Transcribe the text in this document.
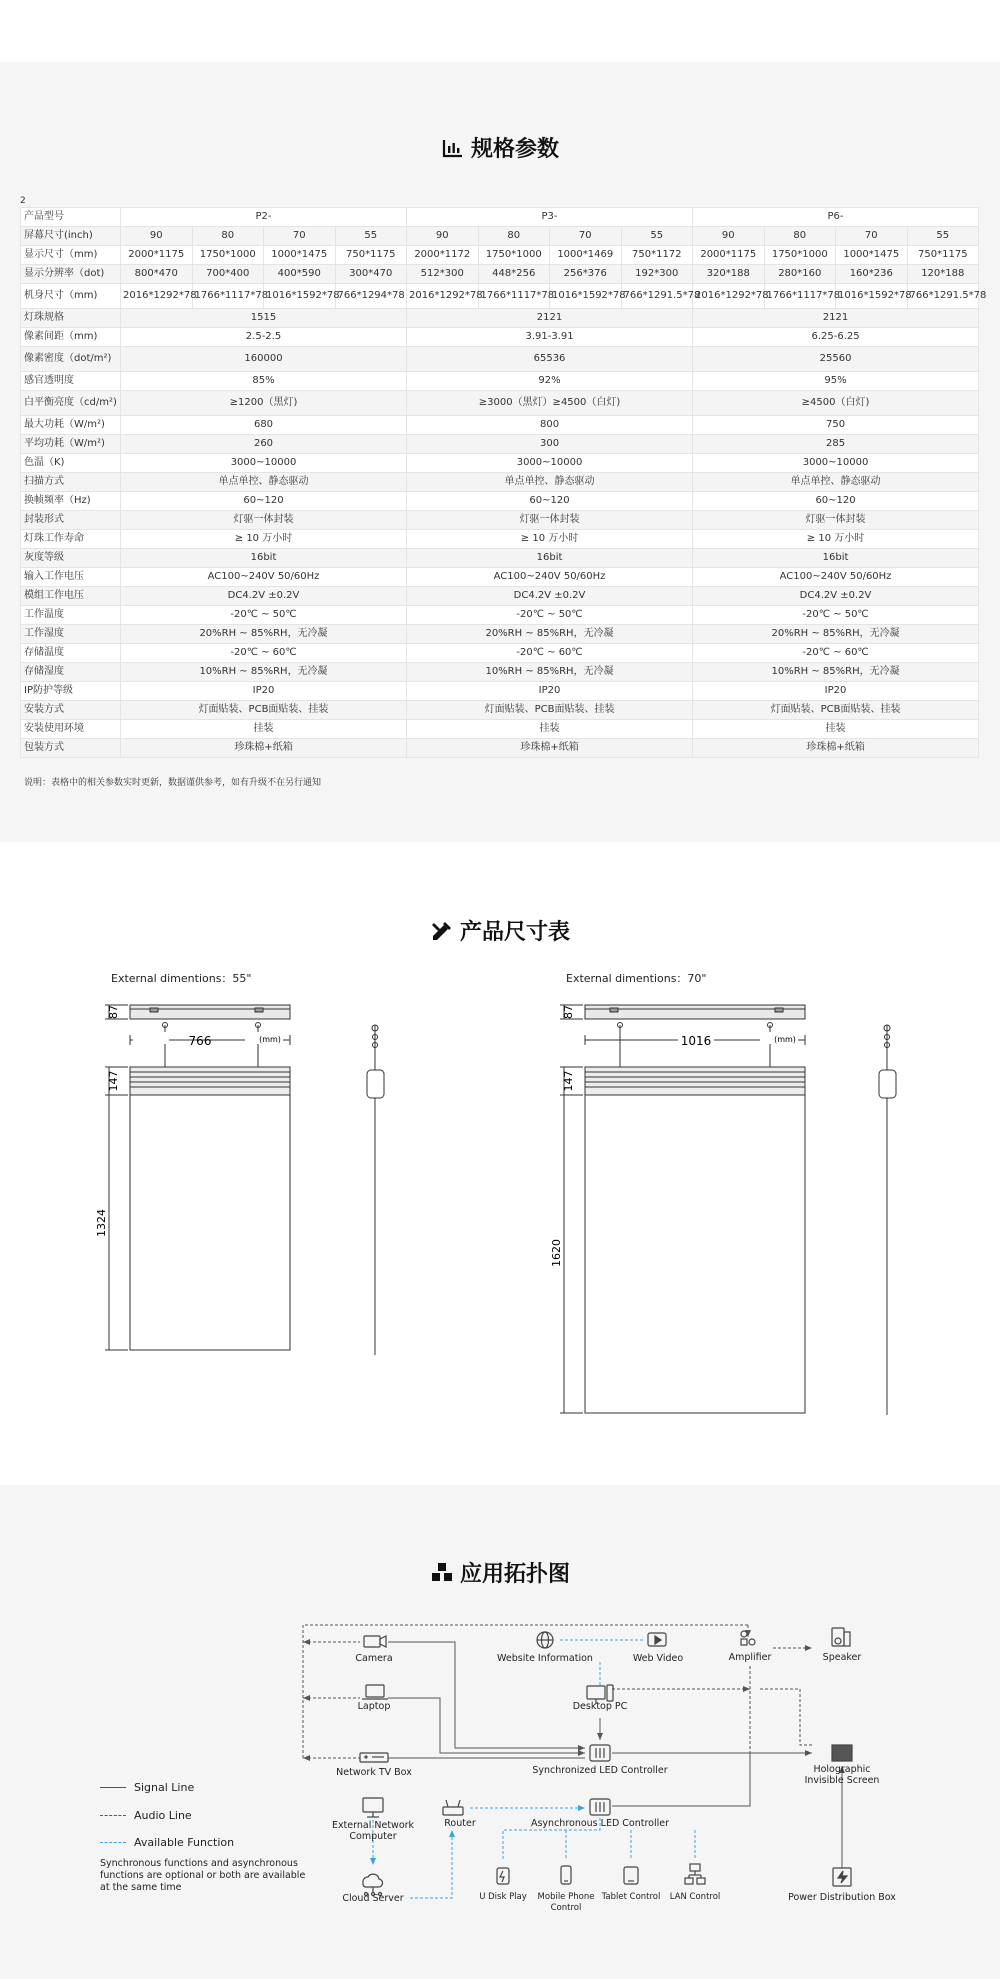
规格参数
2
产品型号	P2-				P3-				P6-			
屏幕尺寸(inch)	90	80	70	55	90	80	70	55	90	80	70	55
显示尺寸（mm)	2000*1175	1750*1000	1000*1475	750*1175	2000*1172	1750*1000	1000*1469	750*1172	2000*1175	1750*1000	1000*1475	750*1175
显示分辨率（dot)	800*470	700*400	400*590	300*470	512*300	448*256	256*376	192*300	320*188	280*160	160*236	120*188
机身尺寸（mm)	2016*1292*78	1766*1117*78	1016*1592*78	766*1294*78	2016*1292*78	1766*1117*78	1016*1592*78	766*1291.5*78	2016*1292*78	1766*1117*78	1016*1592*78	766*1291.5*78
灯珠规格	1515				2121				2121			
像素间距（mm)	2.5-2.5				3.91-3.91				6.25-6.25			
像素密度（dot/m²)	160000				65536				25560			
感官透明度	85%				92%				95%			
白平衡亮度（cd/m²)	≥1200（黑灯)				≥3000（黑灯）≥4500（白灯)				≥4500（白灯)			
最大功耗（W/m²)	680				800				750			
平均功耗（W/m²)	260				300				285			
色温（K)	3000~10000				3000~10000				3000~10000			
扫描方式	单点单控、静态驱动				单点单控、静态驱动				单点单控、静态驱动			
换帧频率（Hz)	60~120				60~120				60~120			
封装形式	灯驱一体封装				灯驱一体封装				灯驱一体封装			
灯珠工作寿命	≥ 10 万小时				≥ 10 万小时				≥ 10 万小时			
灰度等级	16bit				16bit				16bit			
输入工作电压	AC100~240V 50/60Hz				AC100~240V 50/60Hz				AC100~240V 50/60Hz			
模组工作电压	DC4.2V ±0.2V				DC4.2V ±0.2V				DC4.2V ±0.2V			
工作温度	-20℃ ~ 50℃				-20℃ ~ 50℃				-20℃ ~ 50℃			
工作湿度	20%RH ~ 85%RH，无冷凝				20%RH ~ 85%RH，无冷凝				20%RH ~ 85%RH，无冷凝			
存储温度	-20℃ ~ 60℃				-20℃ ~ 60℃				-20℃ ~ 60℃			
存储湿度	10%RH ~ 85%RH，无冷凝				10%RH ~ 85%RH，无冷凝				10%RH ~ 85%RH，无冷凝			
IP防护等级	IP20				IP20				IP20			
安装方式	灯面贴装、PCB面贴装、挂装				灯面贴装、PCB面贴装、挂装				灯面贴装、PCB面贴装、挂装			
安装使用环境	挂装				挂装				挂装			
包装方式	珍珠棉+纸箱				珍珠棉+纸箱				珍珠棉+纸箱			
说明：表格中的相关参数实时更新，数据谨供参考，如有升级不在另行通知
产品尺寸表
External dimentions：55"	External dimentions：70"
766	(mm)
87
147
1324
1016	(mm)
87
147
1620
应用拓扑图
Camera
Laptop
Network TV Box
External Network Computer
Router
Cloud Server
Website Information	Web Video
Desktop PC
Synchronized LED Controller
Asynchronous LED Controller
Amplifier	Speaker
Holographic Invisible Screen
Power Distribution Box
U Disk Play	Mobile Phone Control
Tablet Control	LAN Control
Signal Line
Audio Line
Available Function
Synchronous functions and asynchronous functions are optional or both are available at the same time
